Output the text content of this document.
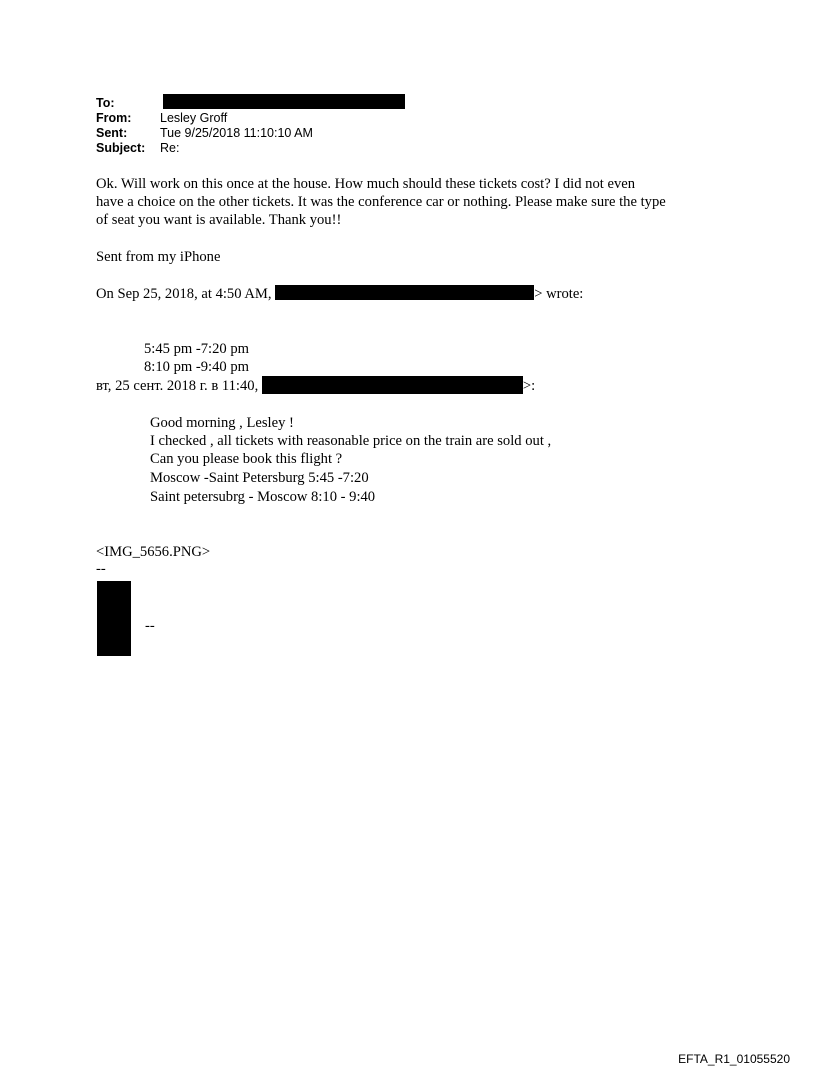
To:
From: Lesley Groff
Sent:	Tue 9/25/2018 11:10:10 AM
Subject: Re:
Ok. Will work on this once at the house. How much should these tickets cost? I did not even
have a choice on the other tickets. It was the conference car or nothing. Please make sure the type
of seat you want is available. Thank you!!
Sent from my iPhone
On Sep 25, 2018, at 4:50 AM,	> wrote:
5:45 pm -7:20 pm
8:10 pm -9:40 pm
вт, 25 сент. 2018 г. в 11:40,	>:
Good morning , Lesley !
I checked , all tickets with reasonable price on the train are sold out ,
Can you please book this flight ?
Moscow -Saint Petersburg 5:45 -7:20
Saint petersubrg - Moscow 8:10 - 9:40
<IMG_5656.PNG>
--
--
EFTA_R1_01055520
